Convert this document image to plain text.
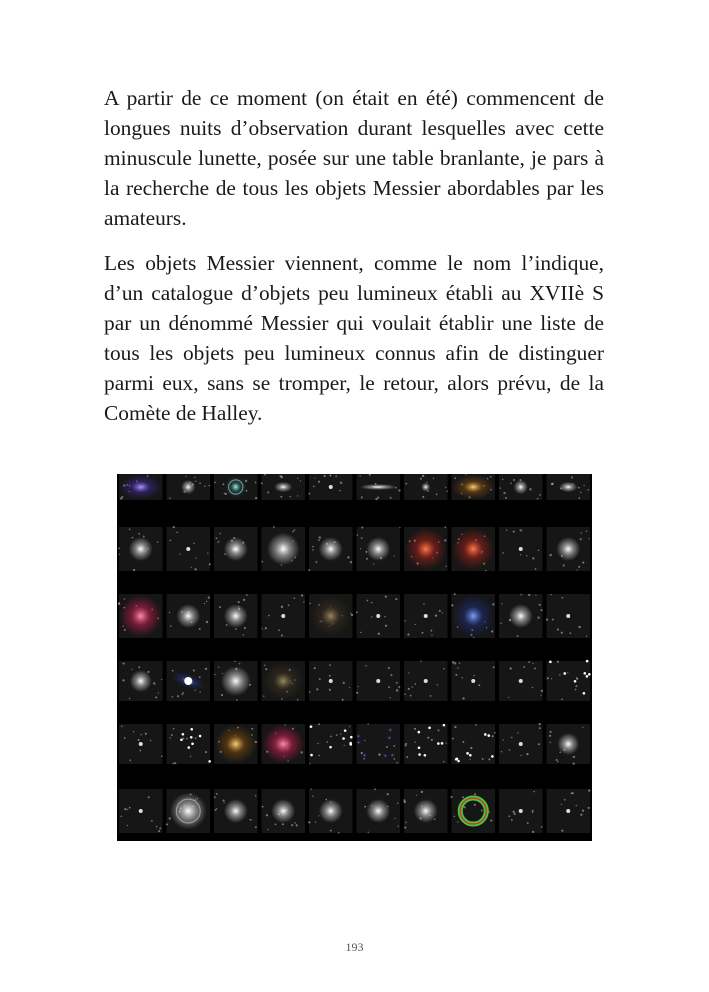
A partir de ce moment (on était en été) commencent de longues nuits d’observation durant lesquelles avec cette minuscule lunette, posée sur une table branlante, je pars à la recherche de tous les objets Messier abordables par les amateurs.

Les objets Messier viennent, comme le nom l’indique, d’un catalogue d’objets peu lumineux établi au XVIIè S par un dénommé Messier qui voulait établir une liste de tous les objets peu lumineux connus afin de distinguer parmi eux, sans se tromper, le retour, alors prévu, de la Comète de Halley.

193
